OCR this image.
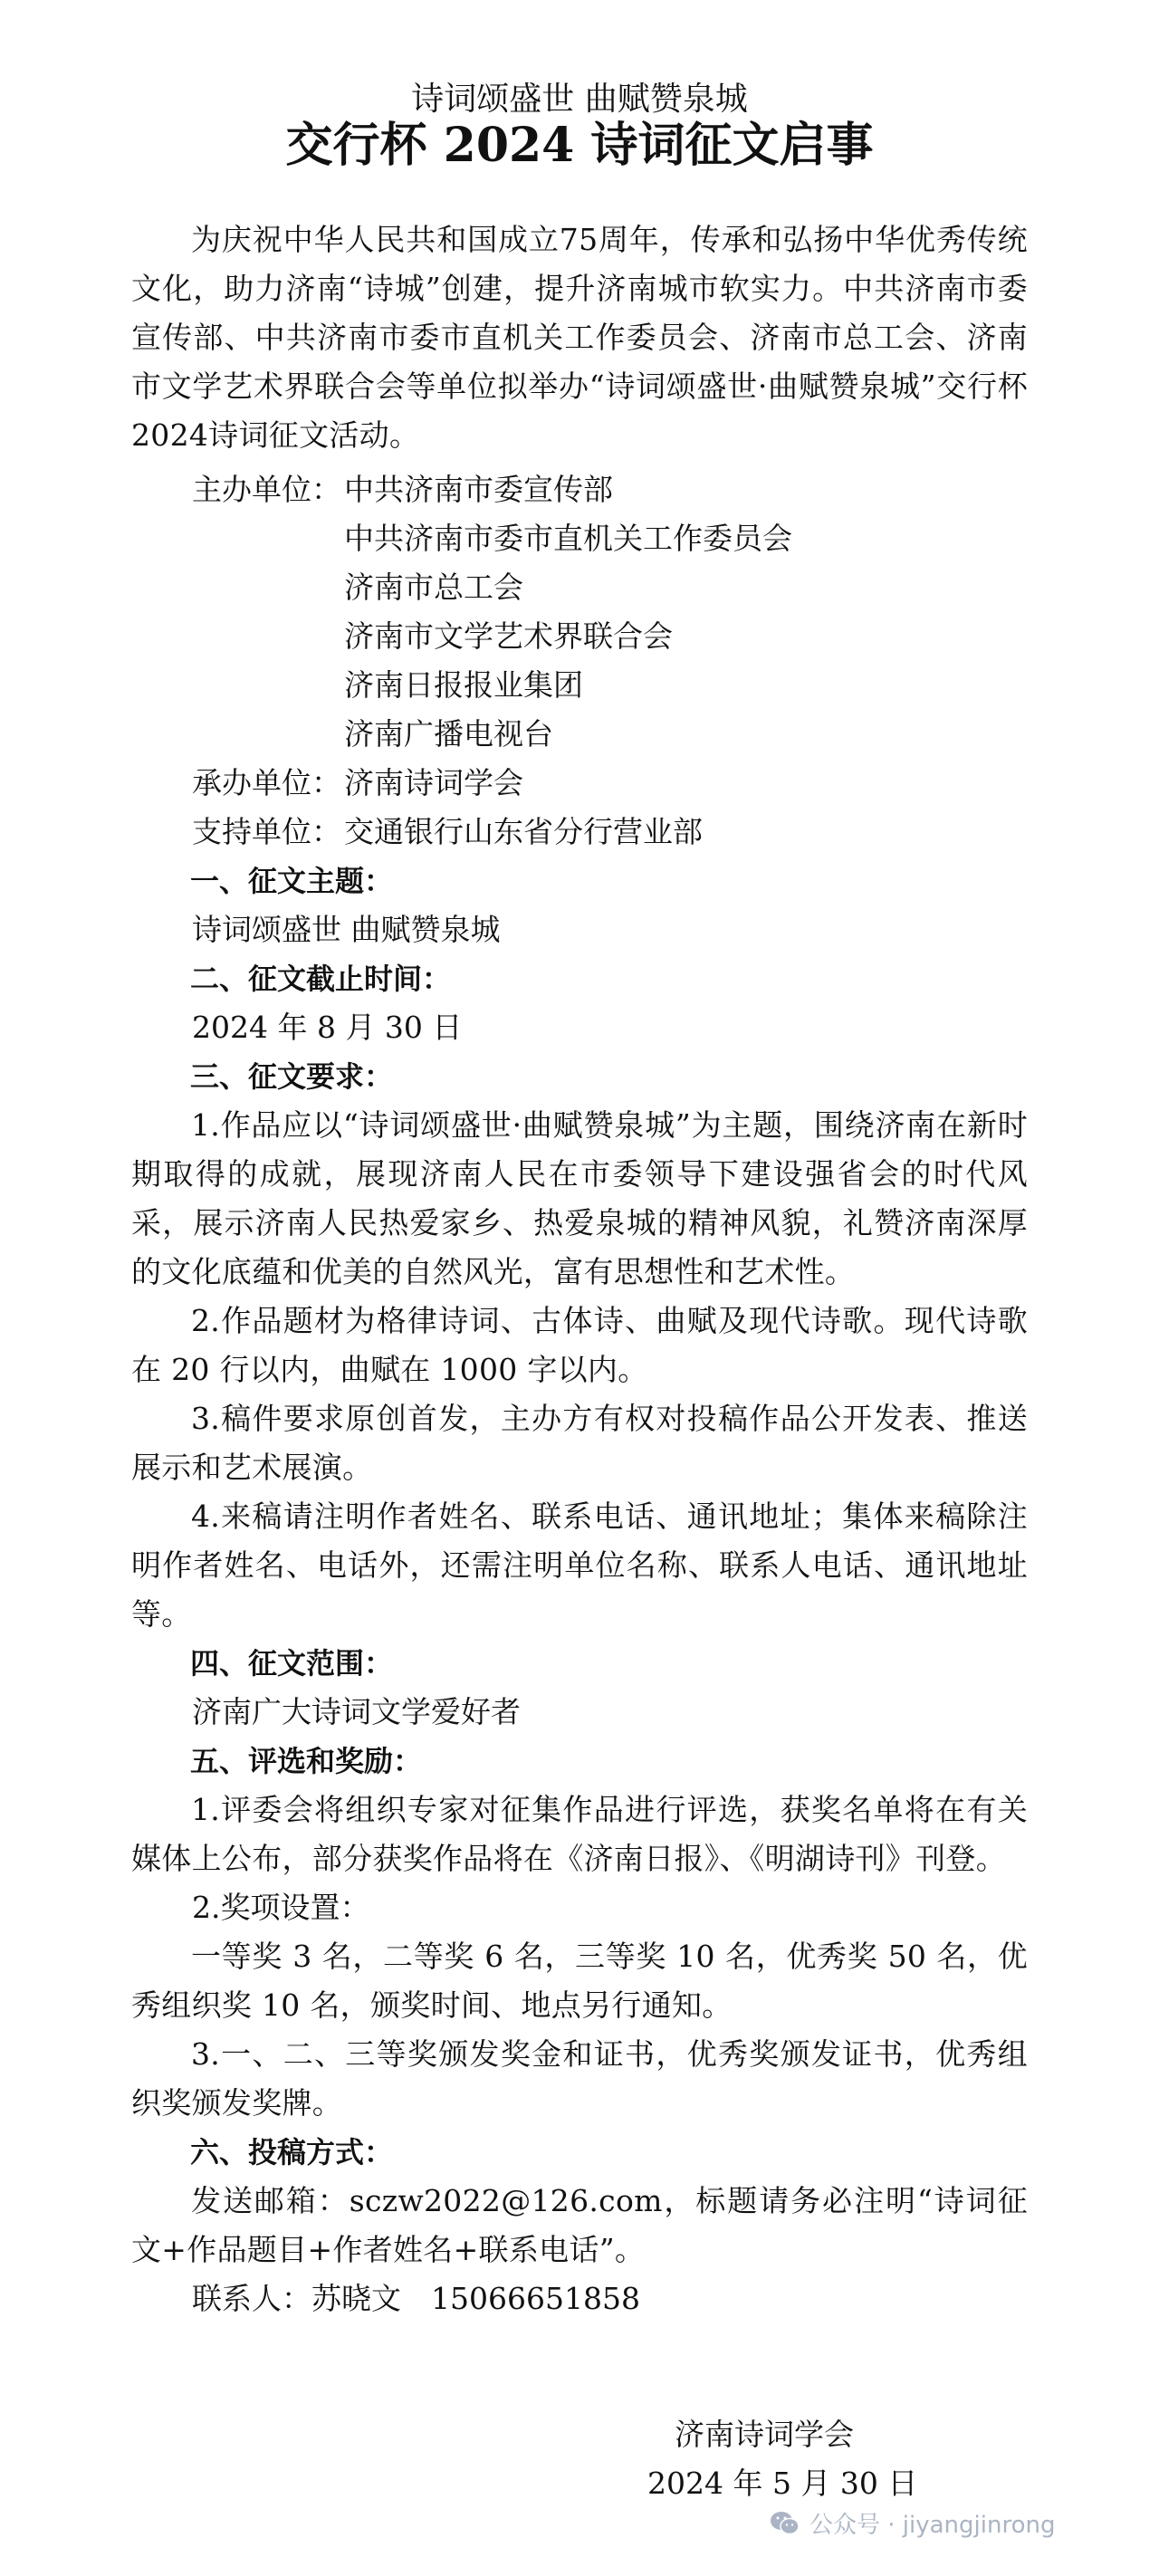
诗词颂盛世 曲赋赞泉城
交行杯 2024 诗词征文启事
为庆祝中华人民共和国成立75周年，传承和弘扬中华优秀传统文化，助力济南“诗城”创建，提升济南城市软实力。中共济南市委宣传部、中共济南市委市直机关工作委员会、济南市总工会、济南市文学艺术界联合会等单位拟举办“诗词颂盛世·曲赋赞泉城”交行杯2024诗词征文活动。
主办单位： 中共济南市委宣传部
中共济南市委市直机关工作委员会
济南市总工会
济南市文学艺术界联合会
济南日报报业集团
济南广播电视台
承办单位： 济南诗词学会
支持单位： 交通银行山东省分行营业部
一、征文主题：
诗词颂盛世 曲赋赞泉城
二、征文截止时间：
2024 年 8 月 30 日
三、征文要求：
1.作品应以“诗词颂盛世·曲赋赞泉城”为主题，围绕济南在新时期取得的成就，展现济南人民在市委领导下建设强省会的时代风采，展示济南人民热爱家乡、热爱泉城的精神风貌，礼赞济南深厚的文化底蕴和优美的自然风光，富有思想性和艺术性。
2.作品题材为格律诗词、古体诗、曲赋及现代诗歌。现代诗歌在 20 行以内，曲赋在 1000 字以内。
3.稿件要求原创首发，主办方有权对投稿作品公开发表、推送展示和艺术展演。
4.来稿请注明作者姓名、联系电话、通讯地址；集体来稿除注明作者姓名、电话外，还需注明单位名称、联系人电话、通讯地址等。
四、征文范围：
济南广大诗词文学爱好者
五、评选和奖励：
1.评委会将组织专家对征集作品进行评选，获奖名单将在有关媒体上公布，部分获奖作品将在《济南日报》、《明湖诗刊》刊登。
2.奖项设置：
一等奖 3 名，二等奖 6 名，三等奖 10 名，优秀奖 50 名，优秀组织奖 10 名，颁奖时间、地点另行通知。
3.一、二、三等奖颁发奖金和证书，优秀奖颁发证书，优秀组织奖颁发奖牌。
六、投稿方式：
发送邮箱：sczw2022@126.com，标题请务必注明“诗词征文+作品题目+作者姓名+联系电话”。
联系人：苏晓文　15066651858
济南诗词学会
2024 年 5 月 30 日
公众号 · jiyangjinrong
